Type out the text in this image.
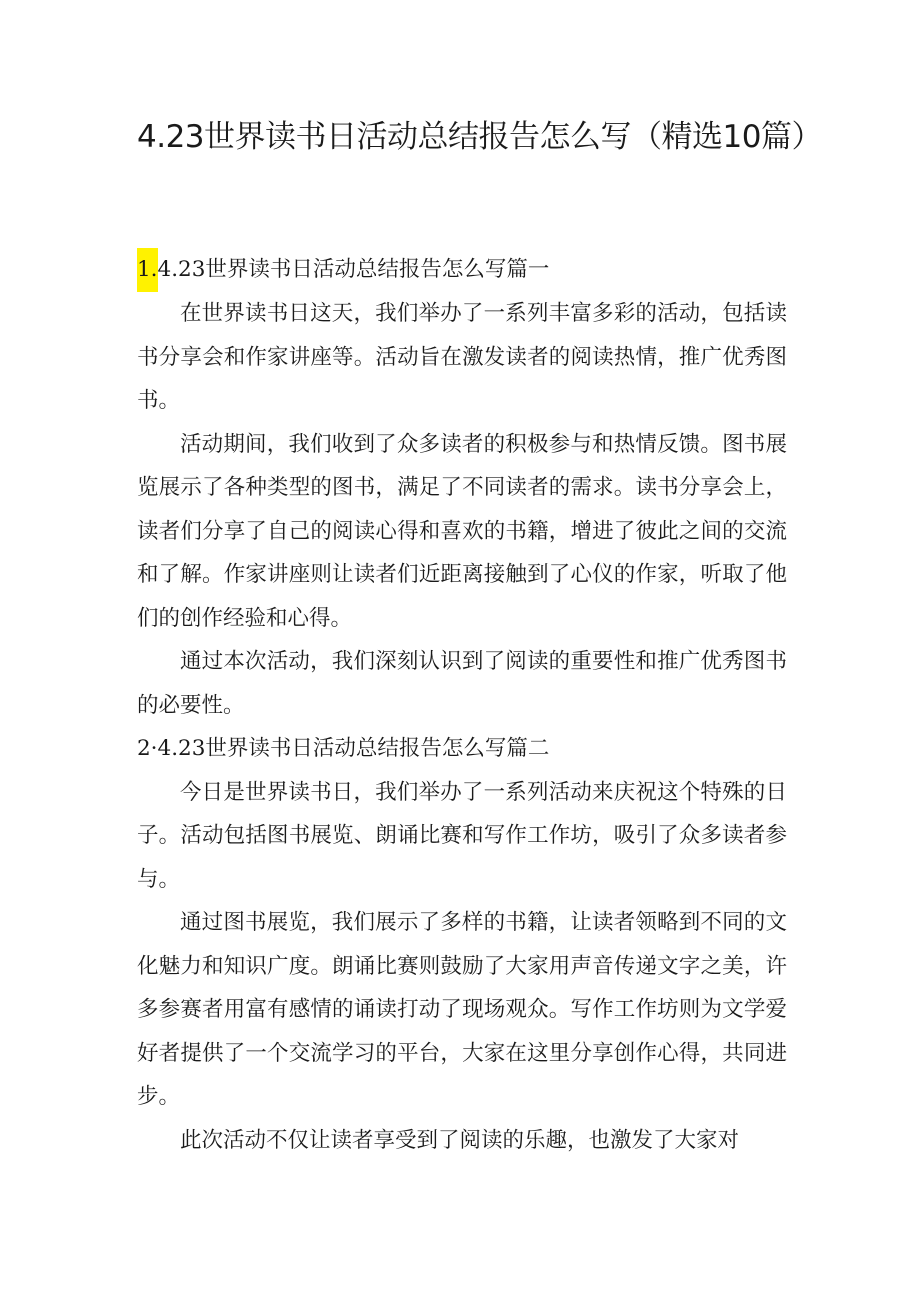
4.23世界读书日活动总结报告怎么写（精选10篇）

1.4.23世界读书日活动总结报告怎么写篇一

在世界读书日这天，我们举办了一系列丰富多彩的活动，包括读书分享会和作家讲座等。活动旨在激发读者的阅读热情，推广优秀图书。

活动期间，我们收到了众多读者的积极参与和热情反馈。图书展览展示了各种类型的图书，满足了不同读者的需求。读书分享会上，读者们分享了自己的阅读心得和喜欢的书籍，增进了彼此之间的交流和了解。作家讲座则让读者们近距离接触到了心仪的作家，听取了他们的创作经验和心得。

通过本次活动，我们深刻认识到了阅读的重要性和推广优秀图书的必要性。

2·4.23世界读书日活动总结报告怎么写篇二

今日是世界读书日，我们举办了一系列活动来庆祝这个特殊的日子。活动包括图书展览、朗诵比赛和写作工作坊，吸引了众多读者参与。

通过图书展览，我们展示了多样的书籍，让读者领略到不同的文化魅力和知识广度。朗诵比赛则鼓励了大家用声音传递文字之美，许多参赛者用富有感情的诵读打动了现场观众。写作工作坊则为文学爱好者提供了一个交流学习的平台，大家在这里分享创作心得，共同进步。

此次活动不仅让读者享受到了阅读的乐趣，也激发了大家对
